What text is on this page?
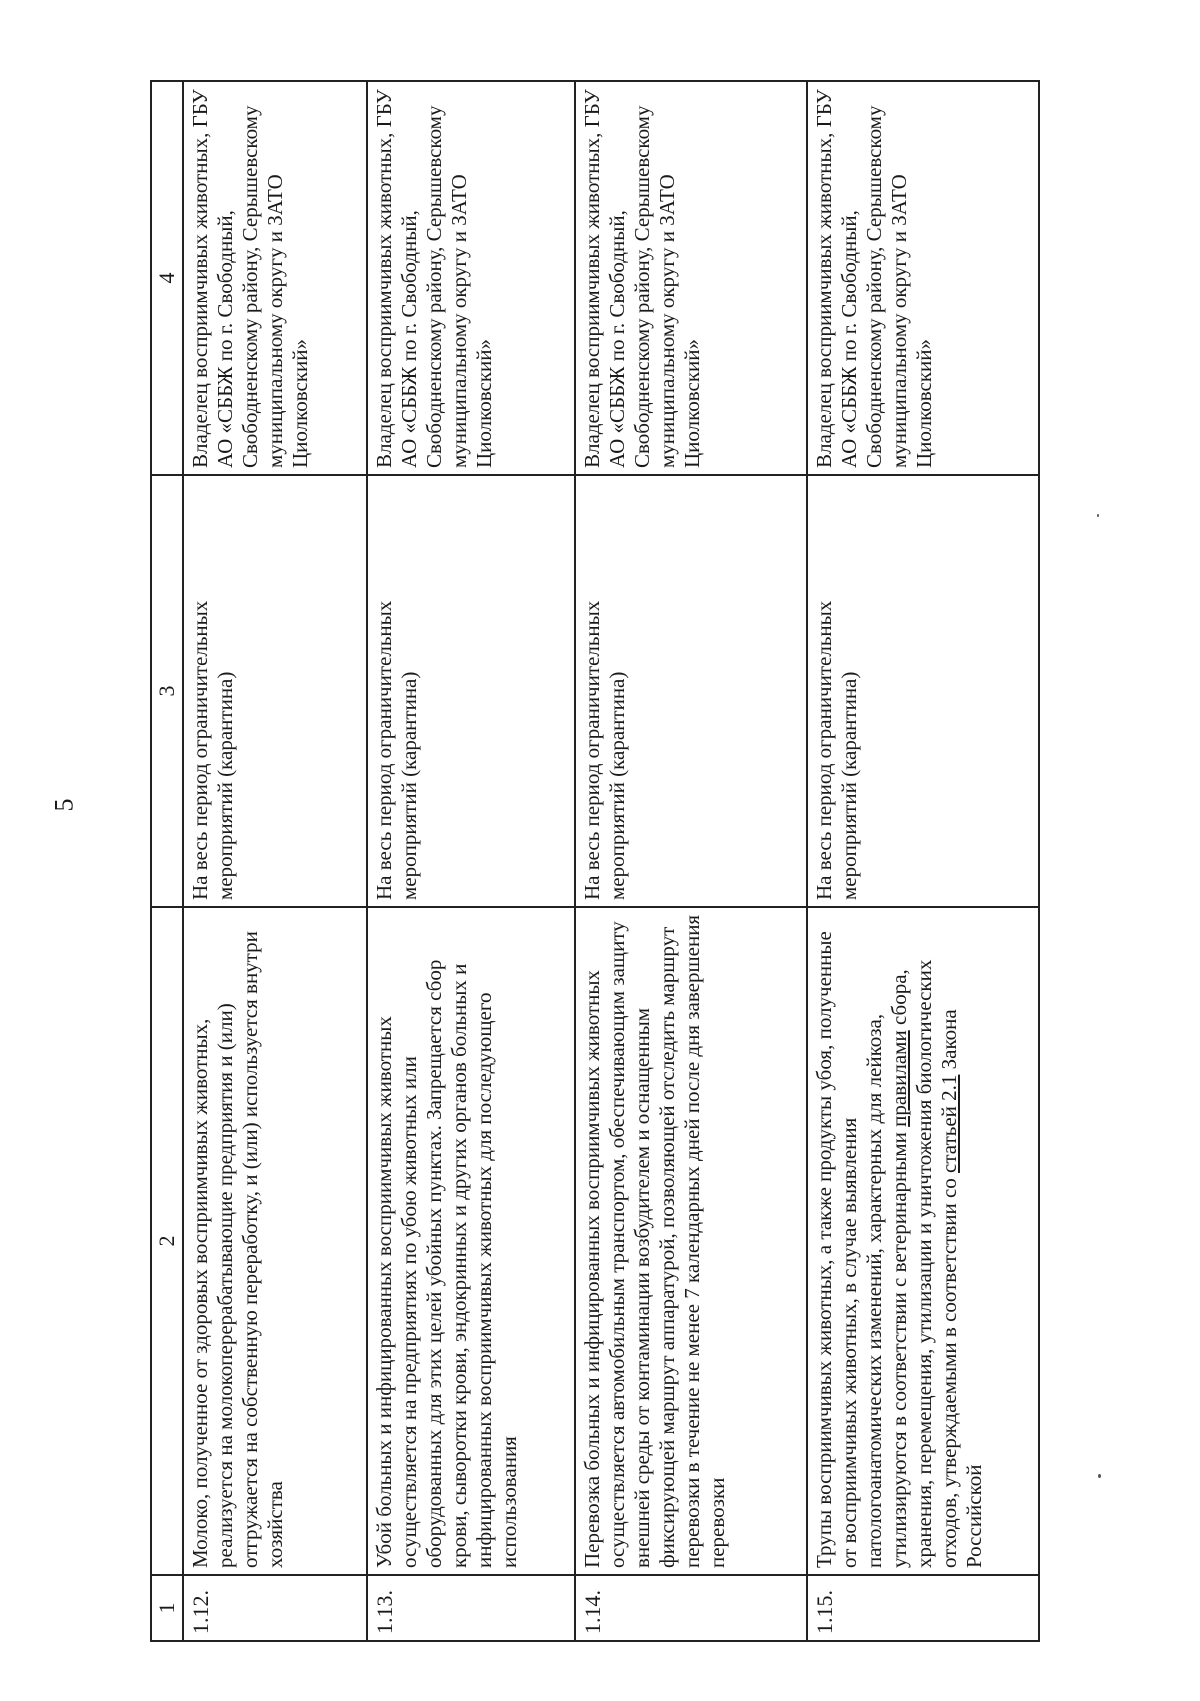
5
1	2	3	4
1.12.	Молоко, полученное от здоровых восприимчивых животных, реализуется на молокоперерабатывающие предприятия и (или) отгружается на собственную переработку, и (или) используется внутри хозяйства	На весь период ограничительных мероприятий (карантина)	Владелец восприимчивых животных, ГБУ АО «СББЖ по г. Свободный, Свободненскому району, Серышевскому муниципальному округу и ЗАТО Циолковский»
1.13.	Убой больных и инфицированных восприимчивых животных осуществляется на предприятиях по убою животных или оборудованных для этих целей убойных пунктах. Запрещается сбор крови, сыворотки крови, эндокринных и других органов больных и инфицированных восприимчивых животных для последующего использования	На весь период ограничительных мероприятий (карантина)	Владелец восприимчивых животных, ГБУ АО «СББЖ по г. Свободный, Свободненскому району, Серышевскому муниципальному округу и ЗАТО Циолковский»
1.14.	Перевозка больных и инфицированных восприимчивых животных осуществляется автомобильным транспортом, обеспечивающим защиту внешней среды от контаминации возбудителем и оснащенным фиксирующей маршрут аппаратурой, позволяющей отследить маршрут перевозки в течение не менее 7 календарных дней после дня завершения перевозки	На весь период ограничительных мероприятий (карантина)	Владелец восприимчивых животных, ГБУ АО «СББЖ по г. Свободный, Свободненскому району, Серышевскому муниципальному округу и ЗАТО Циолковский»
1.15.	Трупы восприимчивых животных, а также продукты убоя, полученные от восприимчивых животных, в случае выявления патологоанатомических изменений, характерных для лейкоза, утилизируются в соответствии с ветеринарными правилами сбора, хранения, перемещения, утилизации и уничтожения биологических отходов, утверждаемыми в соответствии со статьей 2.1 Закона Российской	На весь период ограничительных мероприятий (карантина)	Владелец восприимчивых животных, ГБУ АО «СББЖ по г. Свободный, Свободненскому району, Серышевскому муниципальному округу и ЗАТО Циолковский»
